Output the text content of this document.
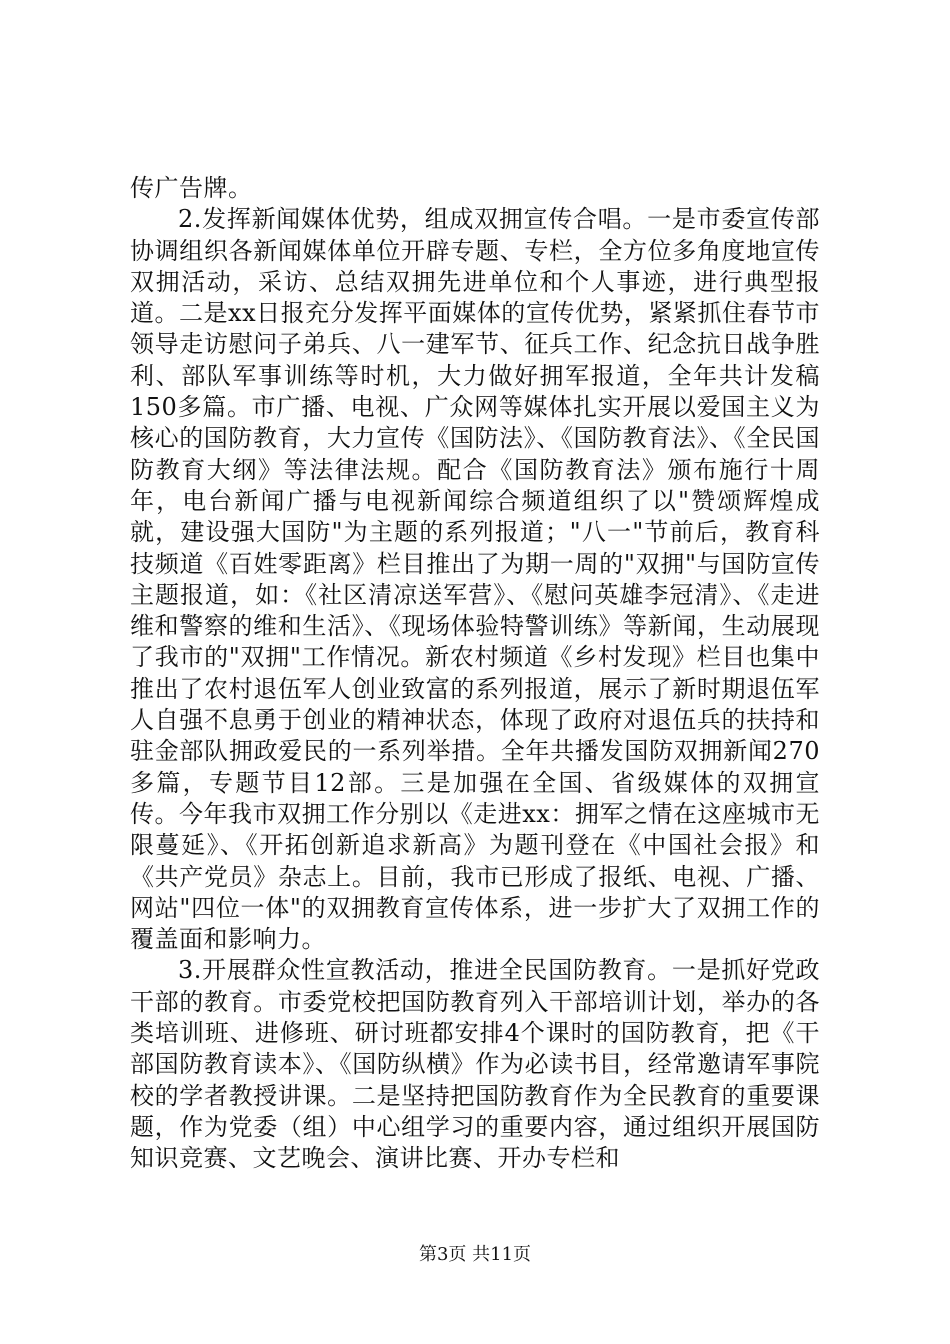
传广告牌。

2.发挥新闻媒体优势，组成双拥宣传合唱。一是市委宣传部协调组织各新闻媒体单位开辟专题、专栏，全方位多角度地宣传双拥活动，采访、总结双拥先进单位和个人事迹，进行典型报道。二是xx日报充分发挥平面媒体的宣传优势，紧紧抓住春节市领导走访慰问子弟兵、八一建军节、征兵工作、纪念抗日战争胜利、部队军事训练等时机，大力做好拥军报道，全年共计发稿150多篇。市广播、电视、广众网等媒体扎实开展以爱国主义为核心的国防教育，大力宣传《国防法》、《国防教育法》、《全民国防教育大纲》等法律法规。配合《国防教育法》颁布施行十周年，电台新闻广播与电视新闻综合频道组织了以"赞颂辉煌成就，建设强大国防"为主题的系列报道；"八一"节前后，教育科技频道《百姓零距离》栏目推出了为期一周的"双拥"与国防宣传主题报道，如：《社区清凉送军营》、《慰问英雄李冠清》、《走进维和警察的维和生活》、《现场体验特警训练》等新闻，生动展现了我市的"双拥"工作情况。新农村频道《乡村发现》栏目也集中推出了农村退伍军人创业致富的系列报道，展示了新时期退伍军人自强不息勇于创业的精神状态，体现了政府对退伍兵的扶持和驻金部队拥政爱民的一系列举措。全年共播发国防双拥新闻270多篇，专题节目12部。三是加强在全国、省级媒体的双拥宣传。今年我市双拥工作分别以《走进xx：拥军之情在这座城市无限蔓延》、《开拓创新追求新高》为题刊登在《中国社会报》和《共产党员》杂志上。目前，我市已形成了报纸、电视、广播、网站"四位一体"的双拥教育宣传体系，进一步扩大了双拥工作的覆盖面和影响力。

3.开展群众性宣教活动，推进全民国防教育。一是抓好党政干部的教育。市委党校把国防教育列入干部培训计划，举办的各类培训班、进修班、研讨班都安排4个课时的国防教育，把《干部国防教育读本》、《国防纵横》作为必读书目，经常邀请军事院校的学者教授讲课。二是坚持把国防教育作为全民教育的重要课题，作为党委（组）中心组学习的重要内容，通过组织开展国防知识竞赛、文艺晚会、演讲比赛、开办专栏和

第3页 共11页
